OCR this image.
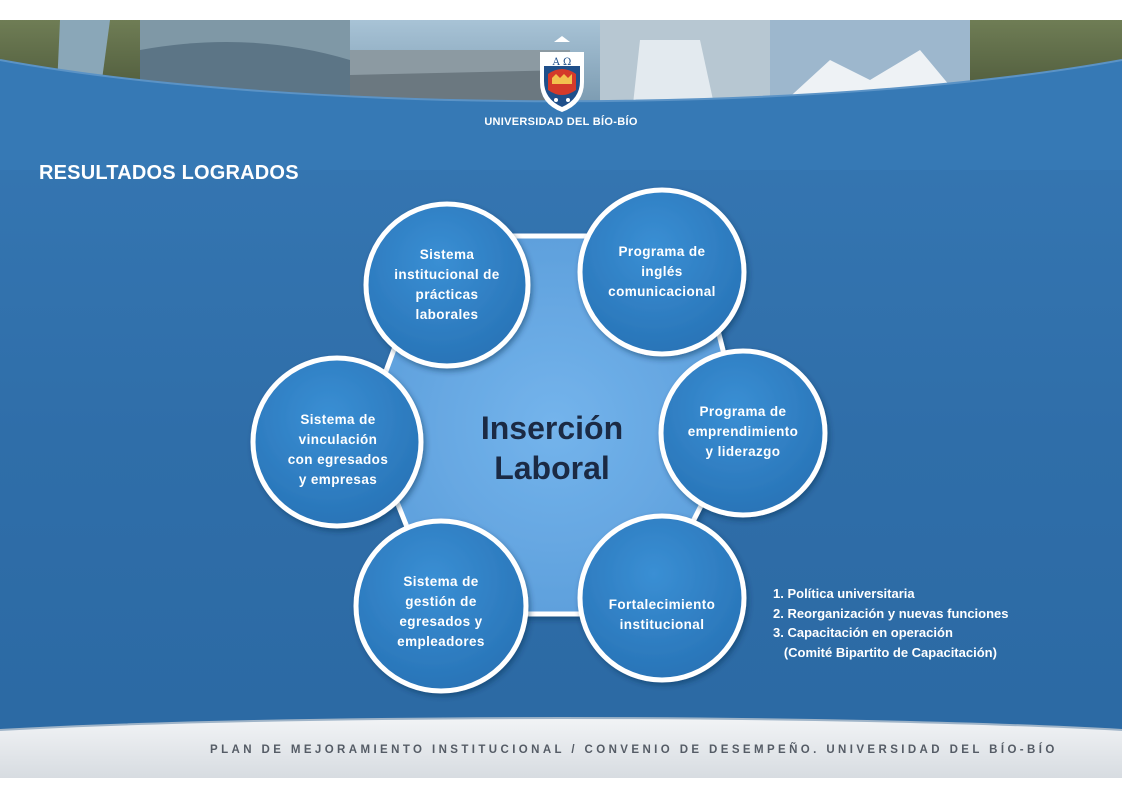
A Ω
UNIVERSIDAD DEL BÍO-BÍO
RESULTADOS LOGRADOS
Sistema
institucional de
prácticas
laborales
Programa de
inglés
comunicacional
Programa de
emprendimiento
y liderazgo
Fortalecimiento
institucional
Sistema de
gestión de
egresados y
empleadores
Sistema de
vinculación
con egresados
y empresas
Inserción
Laboral
1. Política universitaria
2. Reorganización y nuevas funciones
3. Capacitación en operación
(Comité Bipartito de Capacitación)
PLAN DE MEJORAMIENTO INSTITUCIONAL / CONVENIO DE DESEMPEÑO. UNIVERSIDAD DEL BÍO-BÍO
